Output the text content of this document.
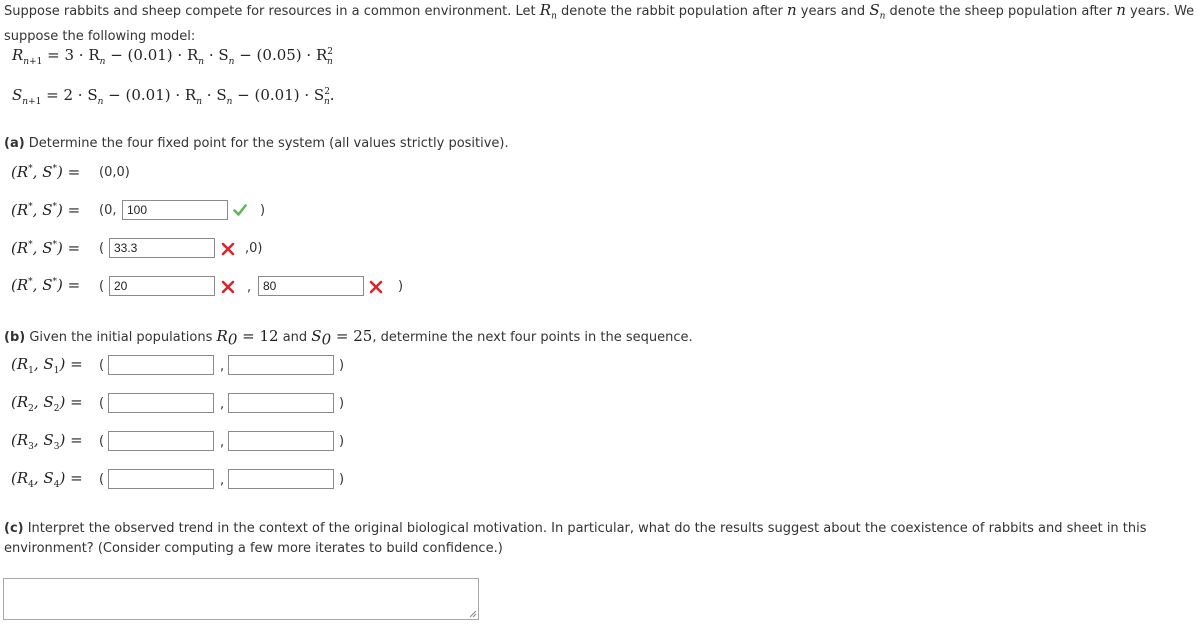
Suppose rabbits and sheep compete for resources in a common environment. Let $R_n$ denote the rabbit population after n years and $S_n$ denote the sheep population after n years. We
suppose the following model:
$R_{n+1} = 3 \cdot R_n - (0.01) \cdot R_n \cdot S_n - (0.05) \cdot R^2_n$
$S_{n+1} = 2 \cdot S_n - (0.01) \cdot R_n \cdot S_n - (0.01) \cdot S^2_n$.
(a) Determine the four fixed point for the system (all values strictly positive).
(R*, S*) = (0,0)
(R*, S*) = (0, 100	)
(R*, S*) = ( 33.3	,0)
(R*, S*) = ( 20	, 80	)
(b) Given the initial populations $R_0 = 12$ and $S_0 = 25$, determine the next four points in the sequence.
($R_1$, $S_1$) = (	,	)
($R_2$, $S_2$) = (	,	)
($R_3$, $S_3$) = (	,	)
($R_4$, $S_4$) = (	,	)
(c) Interpret the observed trend in the context of the original biological motivation. In particular, what do the results suggest about the coexistence of rabbits and sheet in this
environment? (Consider computing a few more iterates to build confidence.)
